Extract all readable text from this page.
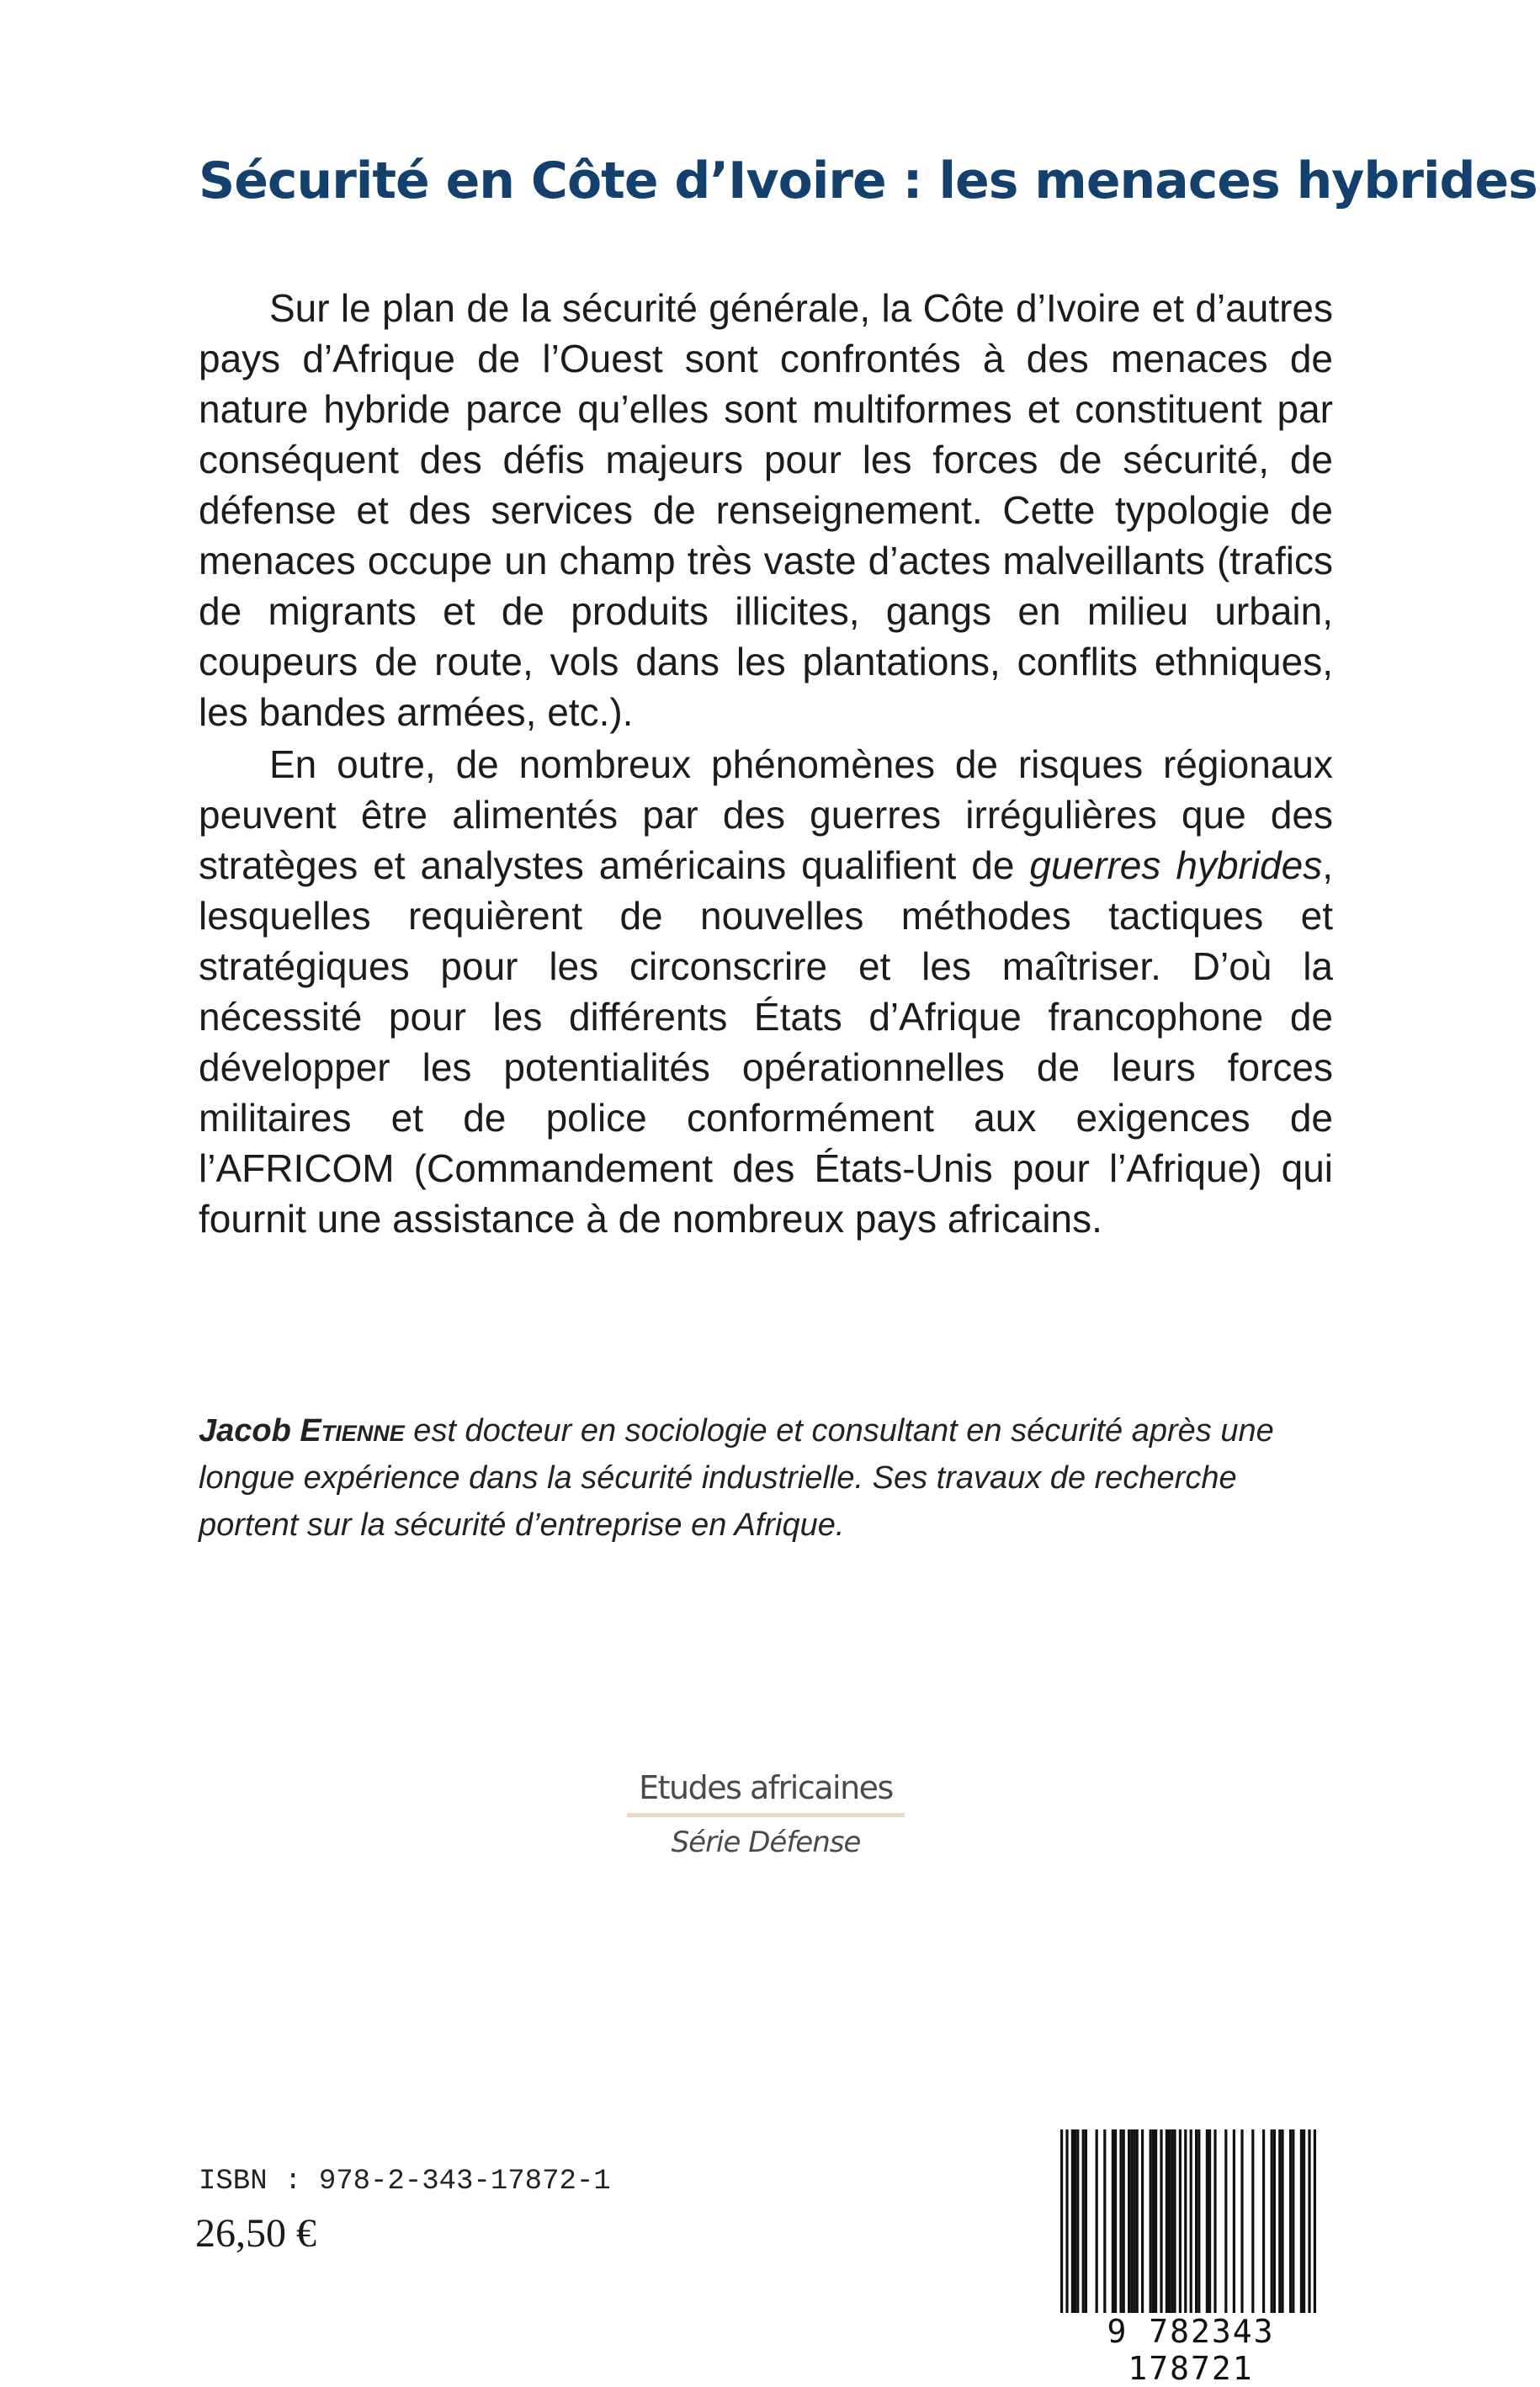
Sécurité en Côte d’Ivoire : les menaces hybrides

Sur le plan de la sécurité générale, la Côte d’Ivoire et d’autres pays d’Afrique de l’Ouest sont confrontés à des menaces de nature hybride parce qu’elles sont multiformes et constituent par conséquent des défis majeurs pour les forces de sécurité, de défense et des services de renseignement. Cette typologie de menaces occupe un champ très vaste d’actes malveillants (trafics de migrants et de produits illicites, gangs en milieu urbain, coupeurs de route, vols dans les plantations, conflits ethniques, les bandes armées, etc.).

En outre, de nombreux phénomènes de risques régionaux peuvent être alimentés par des guerres irrégulières que des stratèges et analystes américains qualifient de guerres hybrides, lesquelles requièrent de nouvelles méthodes tactiques et stratégiques pour les circonscrire et les maîtriser. D’où la nécessité pour les différents États d’Afrique francophone de développer les potentialités opérationnelles de leurs forces militaires et de police conformément aux exigences de l’AFRICOM (Commandement des États-Unis pour l’Afrique) qui fournit une assistance à de nombreux pays africains.

Jacob Etienne est docteur en sociologie et consultant en sécurité après une longue expérience dans la sécurité industrielle. Ses travaux de recherche portent sur la sécurité d’entreprise en Afrique.
Etudes africaines
Série Défense
ISBN : 978-2-343-17872-1
26,50 €
9 782343 178721
